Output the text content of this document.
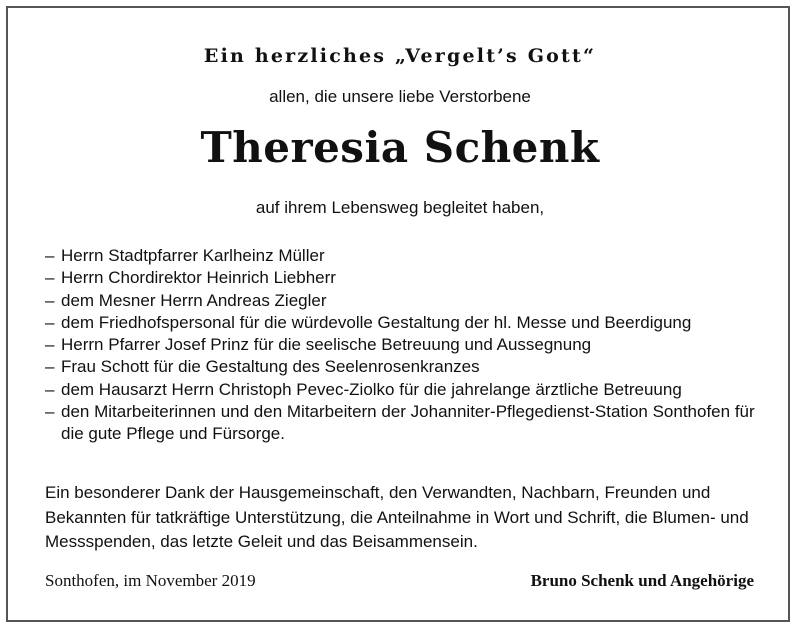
Ein herzliches „Vergelt’s Gott“
allen, die unsere liebe Verstorbene
Theresia Schenk
auf ihrem Lebensweg begleitet haben,
– Herrn Stadtpfarrer Karlheinz Müller
– Herrn Chordirektor Heinrich Liebherr
– dem Mesner Herrn Andreas Ziegler
– dem Friedhofspersonal für die würdevolle Gestaltung der hl. Messe und Beerdigung
– Herrn Pfarrer Josef Prinz für die seelische Betreuung und Aussegnung
– Frau Schott für die Gestaltung des Seelenrosenkranzes
– dem Hausarzt Herrn Christoph Pevec-Ziolko für die jahrelange ärztliche Betreuung
– den Mitarbeiterinnen und den Mitarbeitern der Johanniter-Pflegedienst-Station Sonthofen für die gute Pflege und Fürsorge.

Ein besonderer Dank der Hausgemeinschaft, den Verwandten, Nachbarn, Freunden und Bekannten für tatkräftige Unterstützung, die Anteilnahme in Wort und Schrift, die Blumen- und Messspenden, das letzte Geleit und das Beisammensein.

Sonthofen, im November 2019	Bruno Schenk und Angehörige
